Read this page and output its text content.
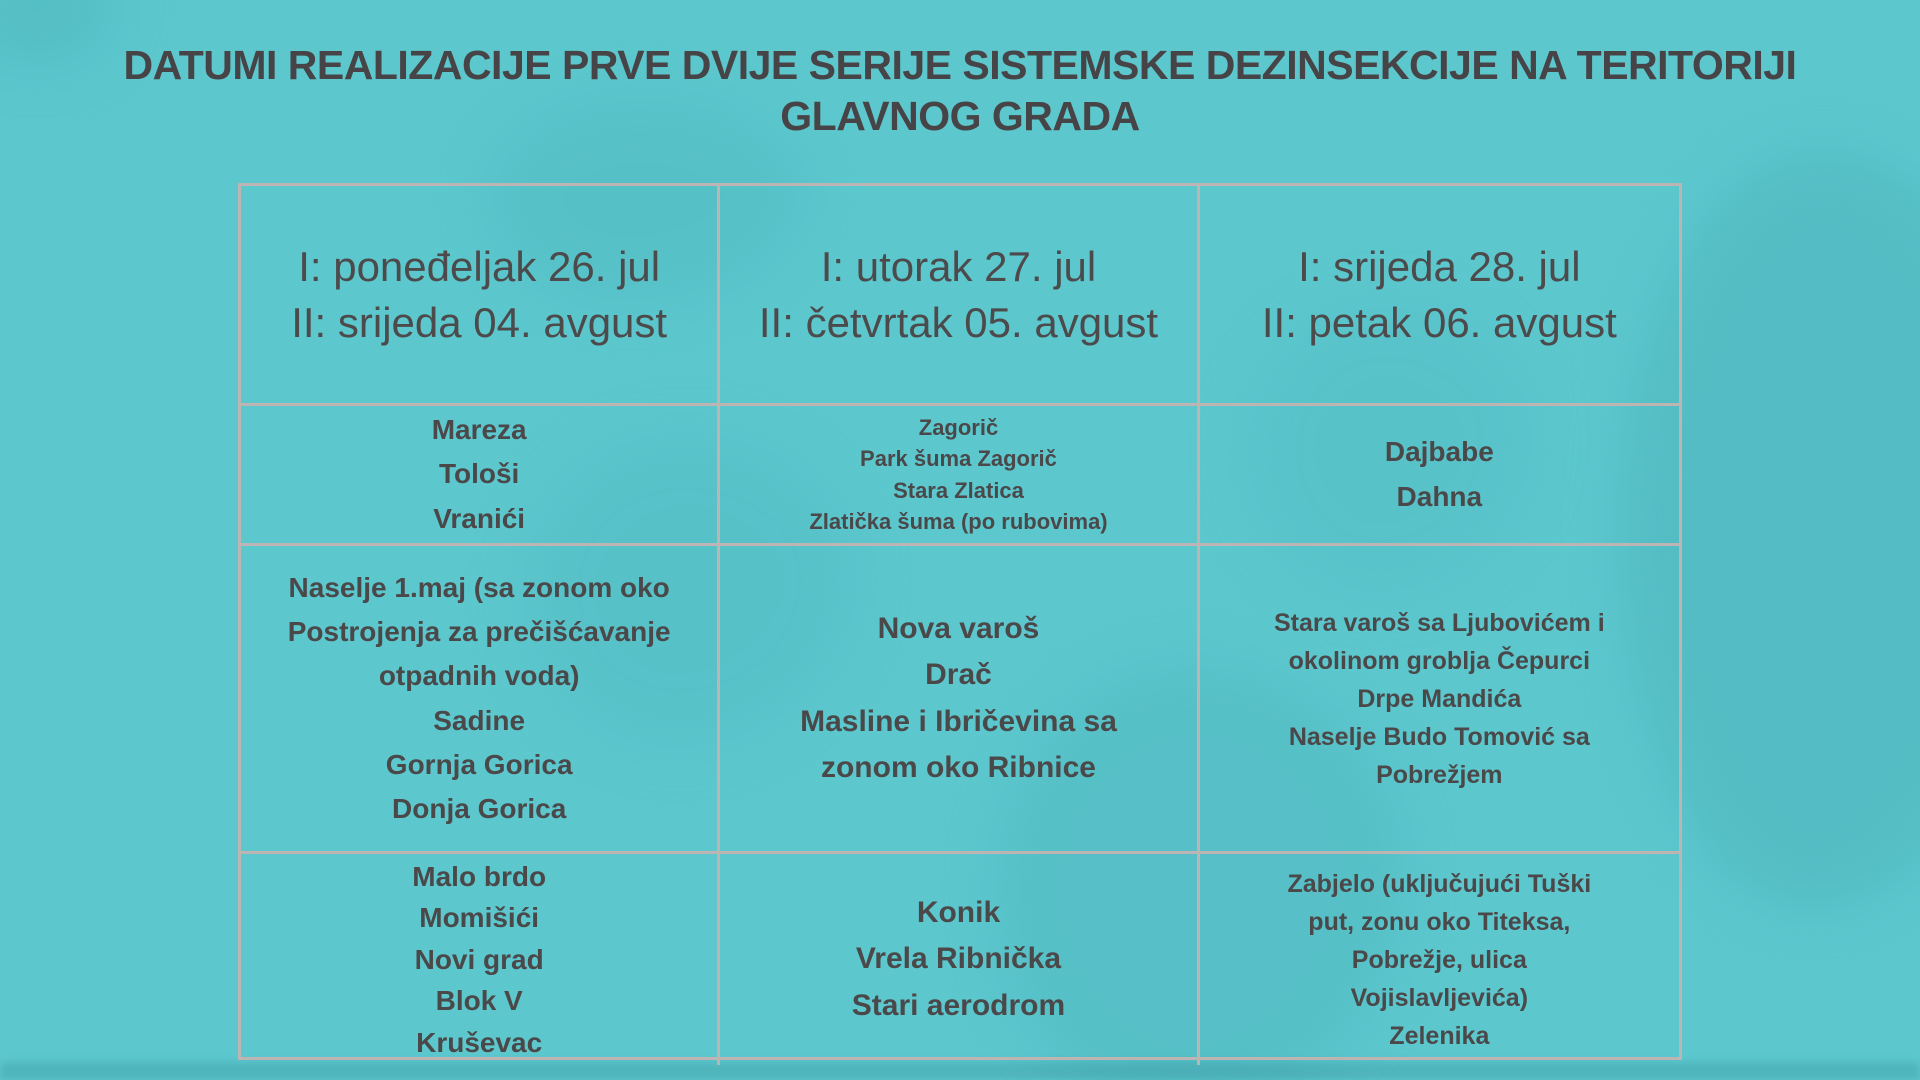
DATUMI REALIZACIJE PRVE DVIJE SERIJE SISTEMSKE DEZINSEKCIJE NA TERITORIJI
GLAVNOG GRADA
I: poneđeljak 26. jul
II: srijeda 04. avgust
I: utorak 27. jul
II: četvrtak 05. avgust
I: srijeda 28. jul
II: petak 06. avgust
Mareza
Tološi
Vranići
Zagorič
Park šuma Zagorič
Stara Zlatica
Zlatička šuma (po rubovima)
Dajbabe
Dahna
Naselje 1.maj (sa zonom oko
Postrojenja za prečišćavanje
otpadnih voda)
Sadine
Gornja Gorica
Donja Gorica
Nova varoš
Drač
Masline i Ibričevina sa
zonom oko Ribnice
Stara varoš sa Ljubovićem i
okolinom groblja Čepurci
Drpe Mandića
Naselje Budo Tomović sa
Pobrežjem
Malo brdo
Momišići
Novi grad
Blok V
Kruševac
Konik
Vrela Ribnička
Stari aerodrom
Zabjelo (uključujući Tuški
put, zonu oko Titeksa,
Pobrežje, ulica
Vojislavljevića)
Zelenika
